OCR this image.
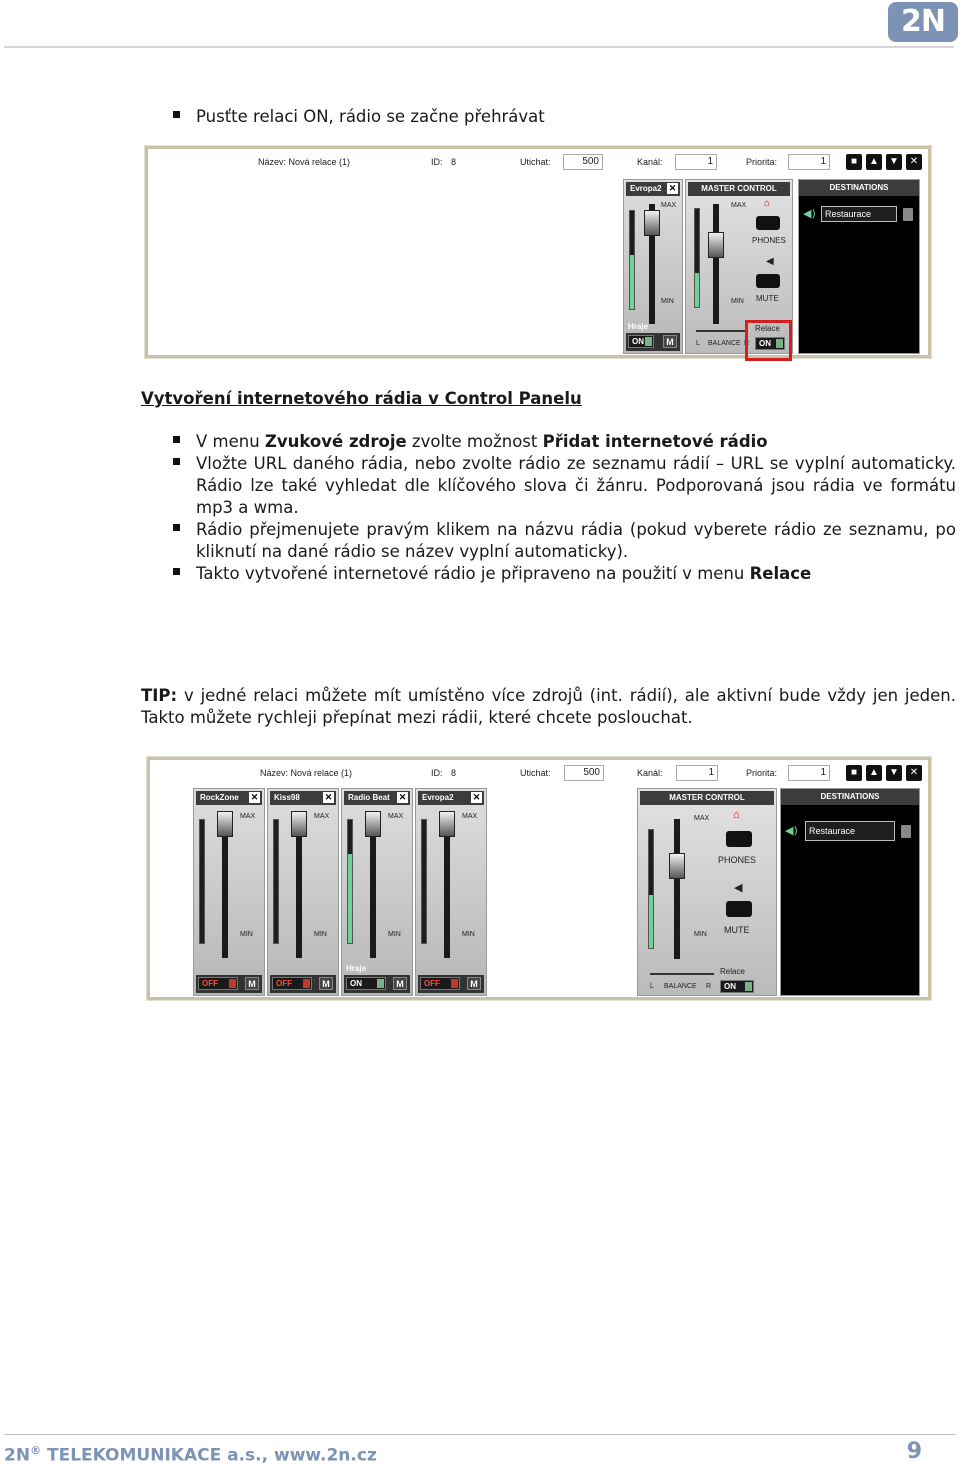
2N
Pusťte relaci ON, rádio se začne přehrávat
Název: Nová relace (1)	ID: 8	Utichat:	500	Kanál:	1	Priorita:	1	■ ▲ ▼ ✕
Evropa2 ✕
MAX
MIN
Hraje
ON	M
MASTER CONTROL
MAX
MIN
⌂
PHONES
◀
MUTE
L BALANCE R
Relace
ON
DESTINATIONS
◀)	Restaurace
Vytvoření internetového rádia v Control Panelu
V menu Zvukové zdroje zvolte možnost Přidat internetové rádio
Vložte URL daného rádia, nebo zvolte rádio ze seznamu rádií – URL se vyplní automaticky. Rádio lze také vyhledat dle klíčového slova či žánru. Podporovaná jsou rádia ve formátu mp3 a wma.
Rádio přejmenujete pravým klikem na názvu rádia (pokud vyberete rádio ze seznamu, po kliknutí na dané rádio se název vyplní automaticky).
Takto vytvořené internetové rádio je připraveno na použití v menu Relace
TIP: v jedné relaci můžete mít umístěno více zdrojů (int. rádií), ale aktivní bude vždy jen jeden. Takto můžete rychleji přepínat mezi rádii, které chcete poslouchat.
Název: Nová relace (1)	ID: 8	Utichat:	500	Kanál:	1	Priorita:	1	■ ▲ ▼ ✕
RockZone ✕
MAX
MIN
OFF	M
Kiss98	✕
MAX
MIN
OFF	M
Radio Beat ✕
MAX
MIN
Hraje
ON	M
Evropa2 ✕
MAX
MIN
OFF	M
MASTER CONTROL
MAX
MIN
⌂
PHONES
◀
MUTE
L BALANCE R
Relace
ON
DESTINATIONS
◀)	Restaurace
2N® TELEKOMUNIKACE a.s., www.2n.cz	9
